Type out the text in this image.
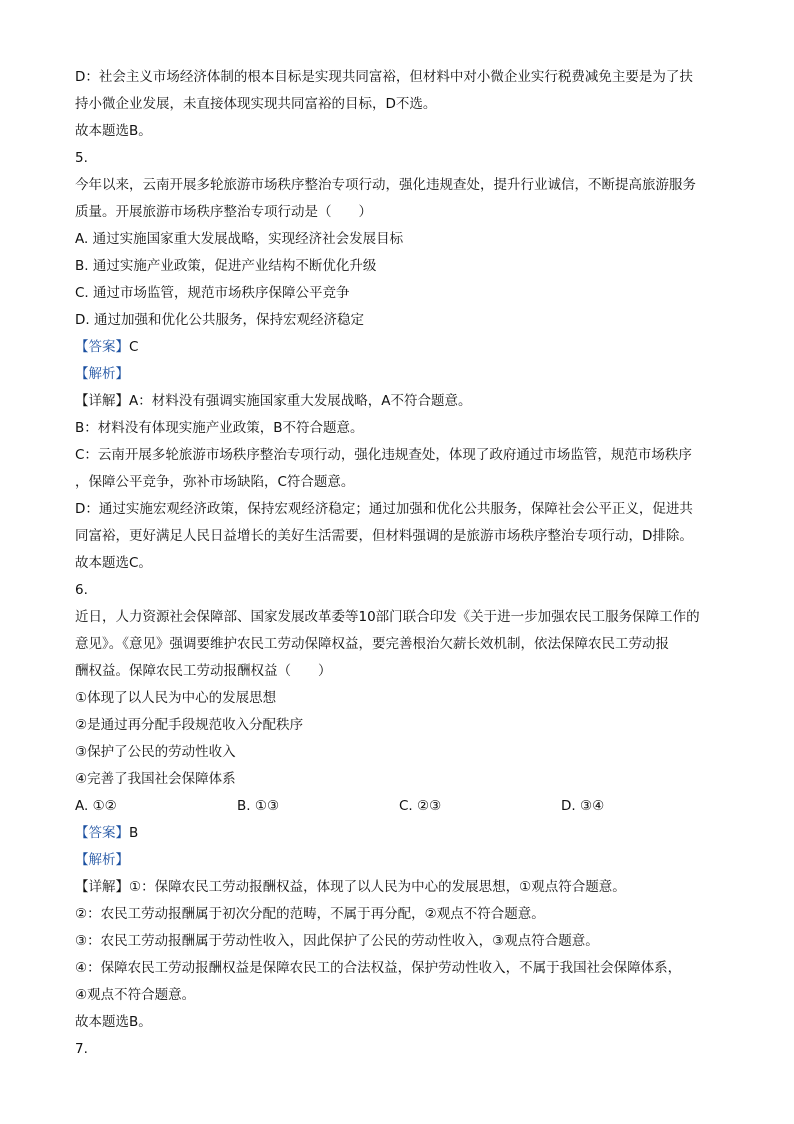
D：社会主义市场经济体制的根本目标是实现共同富裕，但材料中对小微企业实行税费减免主要是为了扶
持小微企业发展，未直接体现实现共同富裕的目标，D不选。
故本题选B。
5.
今年以来，云南开展多轮旅游市场秩序整治专项行动，强化违规查处，提升行业诚信，不断提高旅游服务
质量。开展旅游市场秩序整治专项行动是（　　）
A. 通过实施国家重大发展战略，实现经济社会发展目标
B. 通过实施产业政策，促进产业结构不断优化升级
C. 通过市场监管，规范市场秩序保障公平竞争
D. 通过加强和优化公共服务，保持宏观经济稳定
【答案】C
【解析】
【详解】A：材料没有强调实施国家重大发展战略，A不符合题意。
B：材料没有体现实施产业政策，B不符合题意。
C：云南开展多轮旅游市场秩序整治专项行动，强化违规查处，体现了政府通过市场监管，规范市场秩序
，保障公平竞争，弥补市场缺陷，C符合题意。
D：通过实施宏观经济政策，保持宏观经济稳定；通过加强和优化公共服务，保障社会公平正义，促进共
同富裕，更好满足人民日益增长的美好生活需要，但材料强调的是旅游市场秩序整治专项行动，D排除。
故本题选C。
6.
近日，人力资源社会保障部、国家发展改革委等10部门联合印发《关于进一步加强农民工服务保障工作的
意见》。《意见》强调要维护农民工劳动保障权益，要完善根治欠薪长效机制，依法保障农民工劳动报
酬权益。保障农民工劳动报酬权益（　　）
①体现了以人民为中心的发展思想
②是通过再分配手段规范收入分配秩序
③保护了公民的劳动性收入
④完善了我国社会保障体系
A. ①②	B. ①③	C. ②③	D. ③④
【答案】B
【解析】
【详解】①：保障农民工劳动报酬权益，体现了以人民为中心的发展思想，①观点符合题意。
②：农民工劳动报酬属于初次分配的范畴，不属于再分配，②观点不符合题意。
③：农民工劳动报酬属于劳动性收入，因此保护了公民的劳动性收入，③观点符合题意。
④：保障农民工劳动报酬权益是保障农民工的合法权益，保护劳动性收入，不属于我国社会保障体系，
④观点不符合题意。
故本题选B。
7.
